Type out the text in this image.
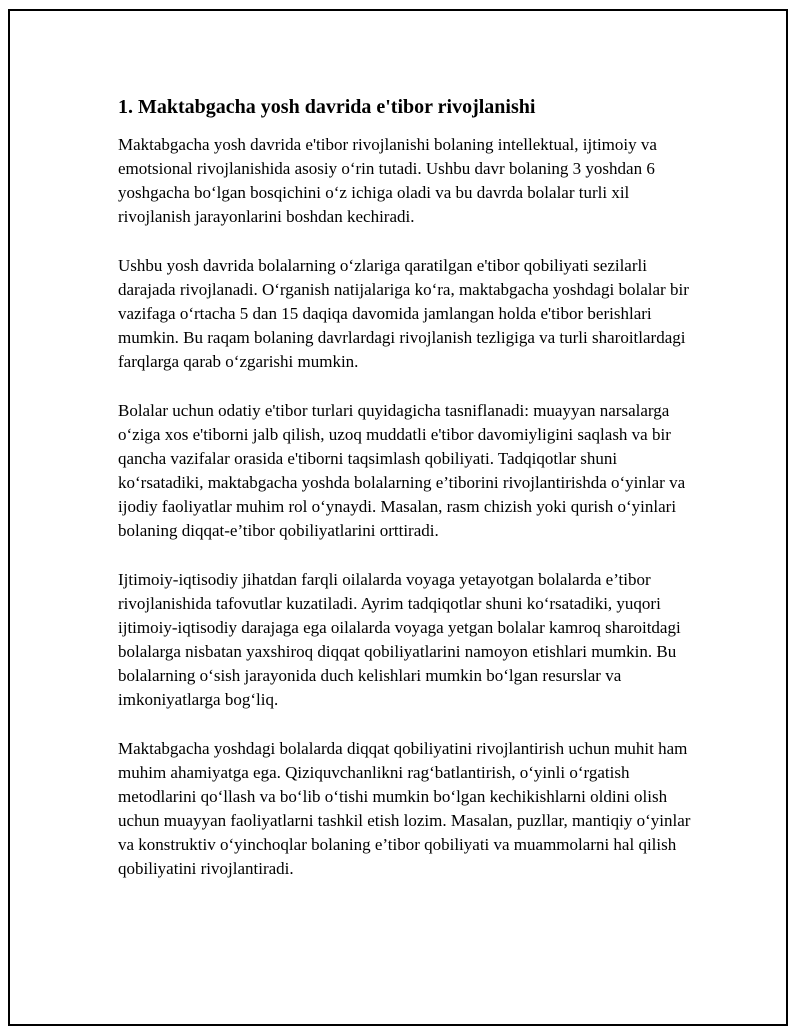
1. Maktabgacha yosh davrida e'tibor rivojlanishi

Maktabgacha yosh davrida e'tibor rivojlanishi bolaning intellektual, ijtimoiy va emotsional rivojlanishida asosiy o‘rin tutadi. Ushbu davr bolaning 3 yoshdan 6 yoshgacha bo‘lgan bosqichini o‘z ichiga oladi va bu davrda bolalar turli xil rivojlanish jarayonlarini boshdan kechiradi.

Ushbu yosh davrida bolalarning o‘zlariga qaratilgan e'tibor qobiliyati sezilarli darajada rivojlanadi. O‘rganish natijalariga ko‘ra, maktabgacha yoshdagi bolalar bir vazifaga o‘rtacha 5 dan 15 daqiqa davomida jamlangan holda e'tibor berishlari mumkin. Bu raqam bolaning davrlardagi rivojlanish tezligiga va turli sharoitlardagi farqlarga qarab o‘zgarishi mumkin.

Bolalar uchun odatiy e'tibor turlari quyidagicha tasniflanadi: muayyan narsalarga o‘ziga xos e'tiborni jalb qilish, uzoq muddatli e'tibor davomiyligini saqlash va bir qancha vazifalar orasida e'tiborni taqsimlash qobiliyati. Tadqiqotlar shuni ko‘rsatadiki, maktabgacha yoshda bolalarning e’tiborini rivojlantirishda o‘yinlar va ijodiy faoliyatlar muhim rol o‘ynaydi. Masalan, rasm chizish yoki qurish o‘yinlari bolaning diqqat-e’tibor qobiliyatlarini orttiradi.

Ijtimoiy-iqtisodiy jihatdan farqli oilalarda voyaga yetayotgan bolalarda e’tibor rivojlanishida tafovutlar kuzatiladi. Ayrim tadqiqotlar shuni ko‘rsatadiki, yuqori ijtimoiy-iqtisodiy darajaga ega oilalarda voyaga yetgan bolalar kamroq sharoitdagi bolalarga nisbatan yaxshiroq diqqat qobiliyatlarini namoyon etishlari mumkin. Bu bolalarning o‘sish jarayonida duch kelishlari mumkin bo‘lgan resurslar va imkoniyatlarga bog‘liq.

Maktabgacha yoshdagi bolalarda diqqat qobiliyatini rivojlantirish uchun muhit ham muhim ahamiyatga ega. Qiziquvchanlikni rag‘batlantirish, o‘yinli o‘rgatish metodlarini qo‘llash va bo‘lib o‘tishi mumkin bo‘lgan kechikishlarni oldini olish uchun muayyan faoliyatlarni tashkil etish lozim. Masalan, puzllar, mantiqiy o‘yinlar va konstruktiv o‘yinchoqlar bolaning e’tibor qobiliyati va muammolarni hal qilish qobiliyatini rivojlantiradi.
